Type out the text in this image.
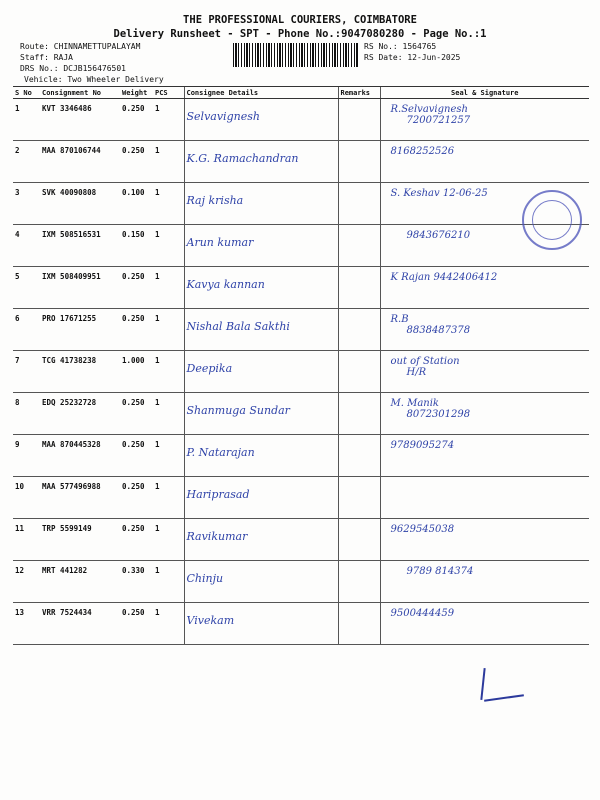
THE PROFESSIONAL COURIERS, COIMBATORE
Delivery Runsheet - SPT - Phone No.:9047080280 - Page No.:1
Route: CHINNAMETTUPALAYAM
Staff: RAJA
DRS No.: DCJB156476501
Vehicle: Two Wheeler Delivery
RS No.: 1564765
RS Date: 12-Jun-2025
S No	Consignment No	Weight	PCS	Consignee Details	Remarks	Seal & Signature
1	KVT 3346486	0.250	1	Selvavignesh		R.Selvavignesh
7200721257

2	MAA 870106744	0.250	1	K.G. Ramachandran		8168252526

3	SVK 40090808	0.100	1	Raj krisha		S. Keshav 12-06-25

4	IXM 508516531	0.150	1	Arun kumar		9843676210

5	IXM 508409951	0.250	1	Kavya kannan		K Rajan 9442406412

6	PRO 17671255	0.250	1	Nishal Bala Sakthi		R.B
8838487378

7	TCG 41738238	1.000	1	Deepika		out of Station
H/R

8	EDQ 25232728	0.250	1	Shanmuga Sundar		M. Manik
8072301298

9	MAA 870445328	0.250	1	P. Natarajan		9789095274

10	MAA 577496988	0.250	1	Hariprasad		

11	TRP 5599149	0.250	1	Ravikumar		9629545038

12	MRT 441282	0.330	1	Chinju		9789 814374

13	VRR 7524434	0.250	1	Vivekam		9500444459
